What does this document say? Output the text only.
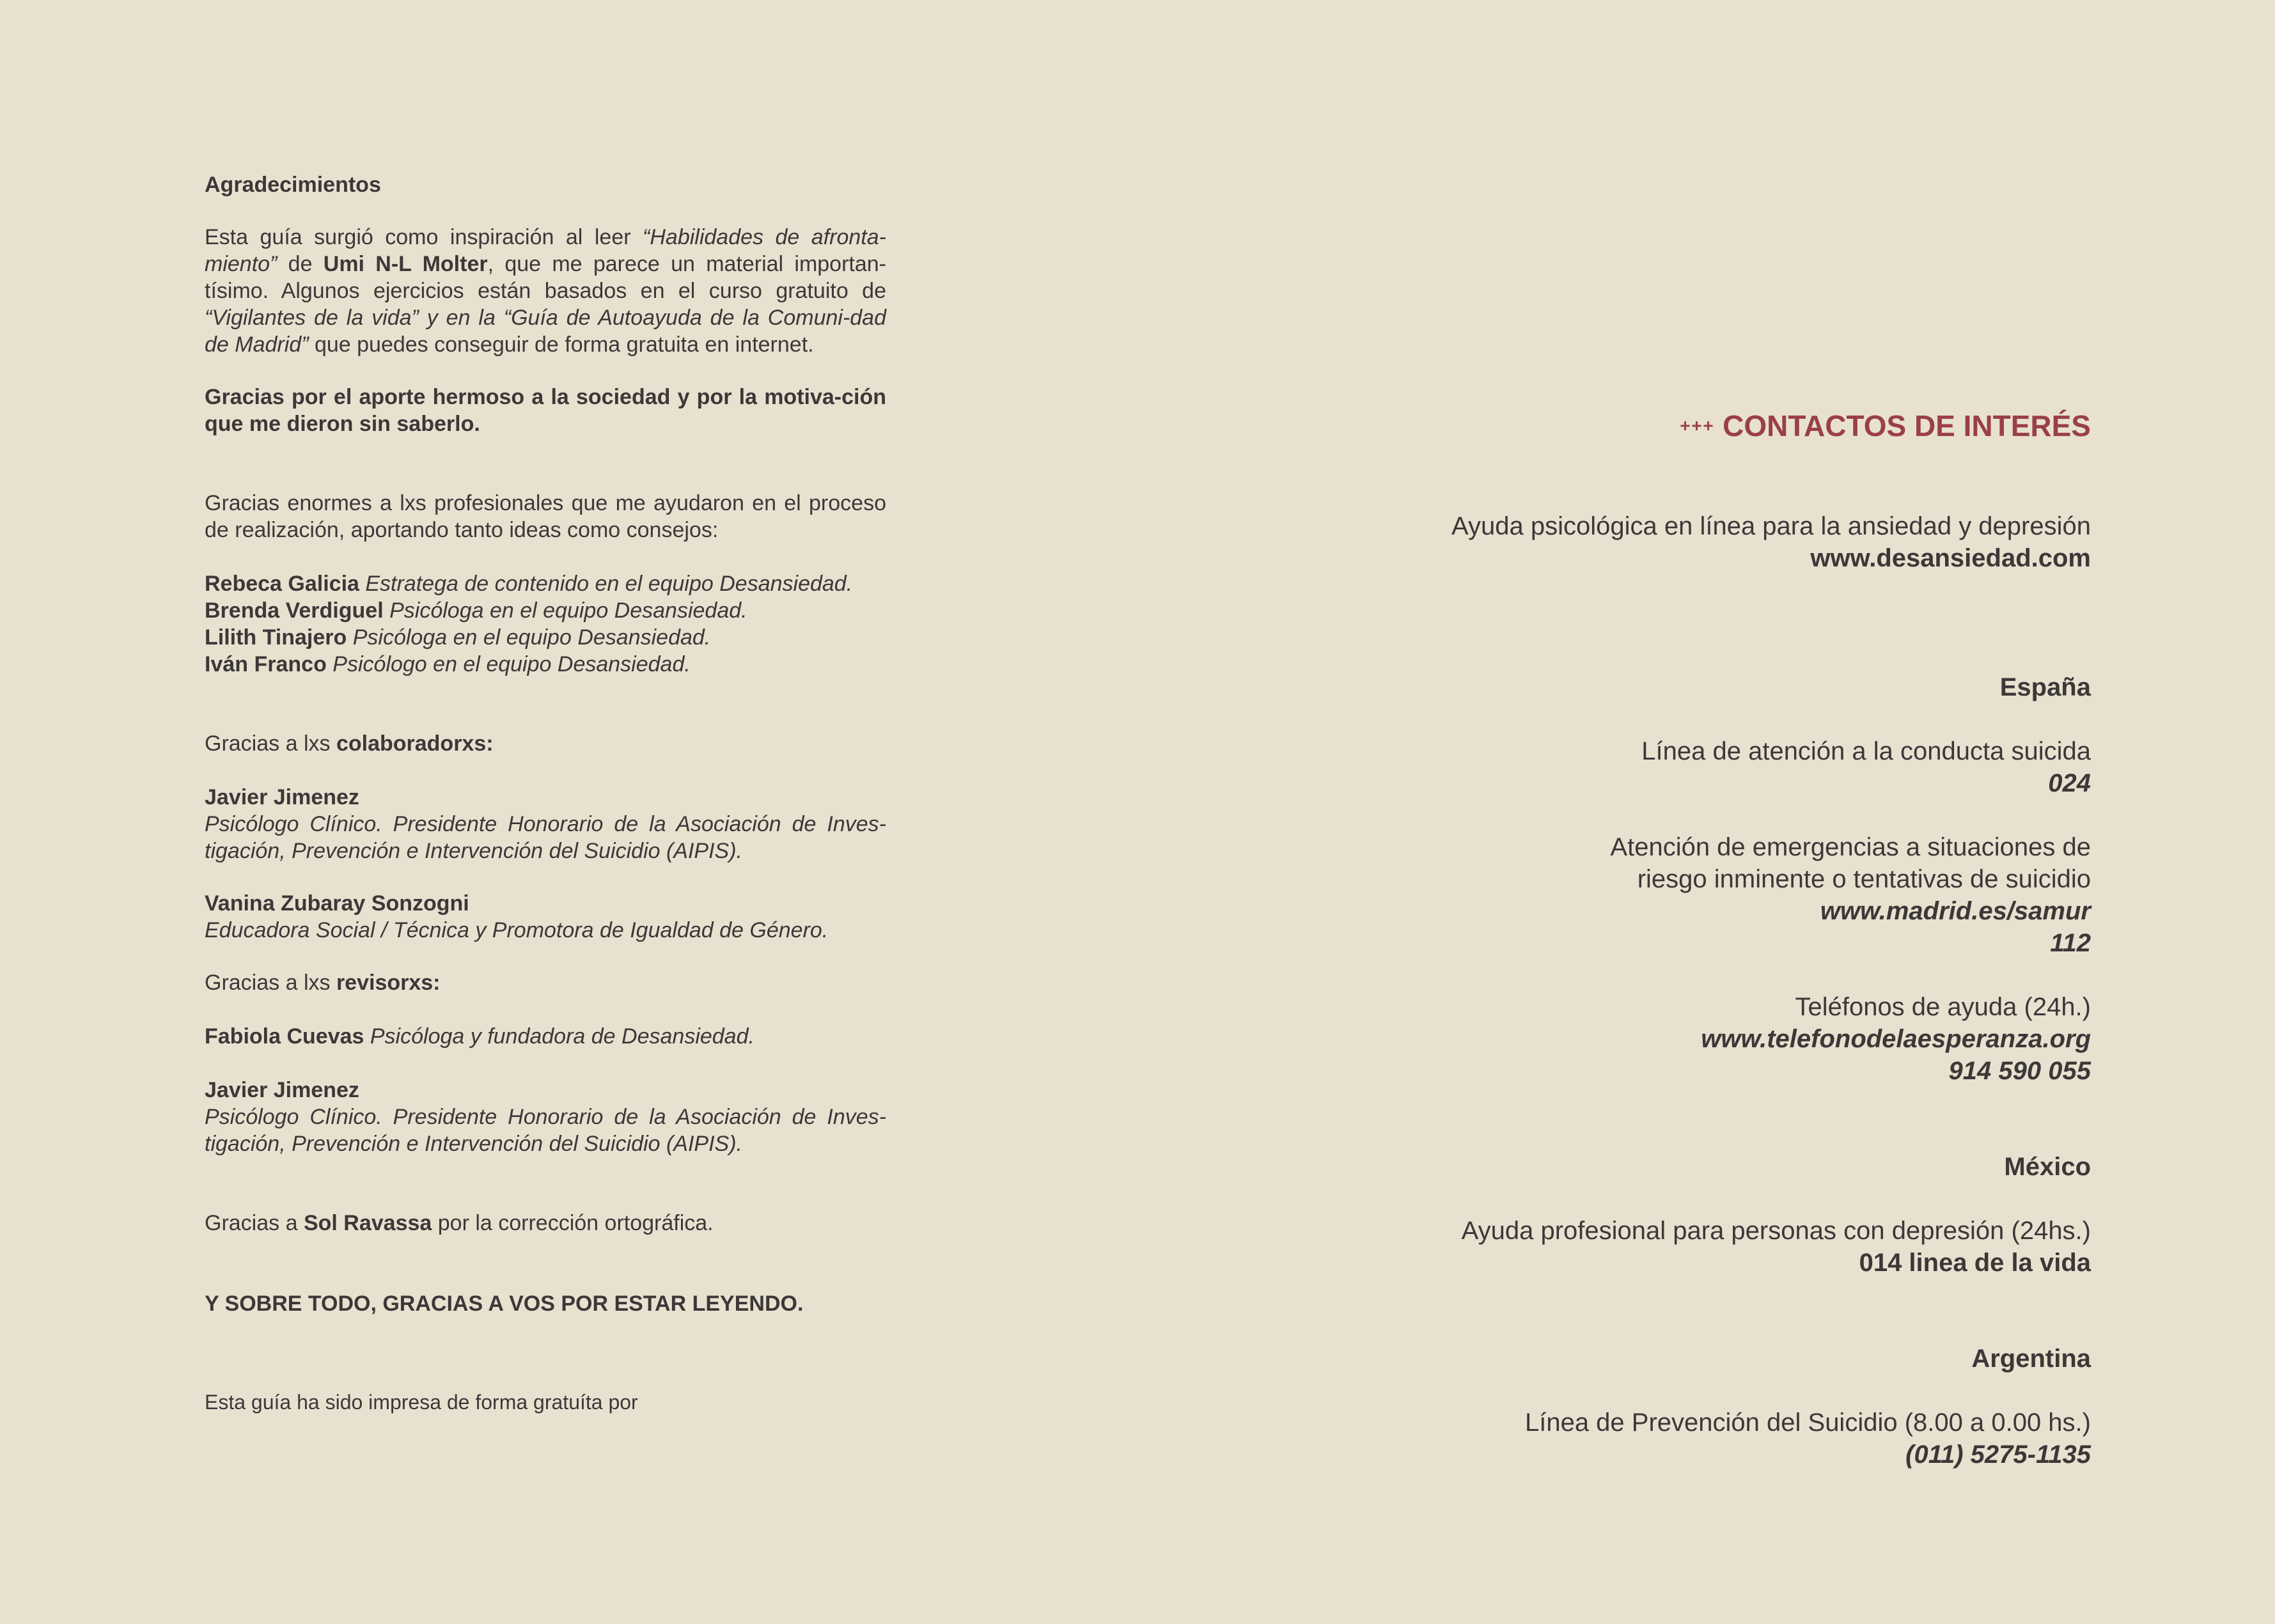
Agradecimientos

Esta guía surgió como inspiración al leer “Habilidades de afronta-miento” de Umi N-L Molter, que me parece un material importan-tísimo. Algunos ejercicios están basados en el curso gratuito de “Vigilantes de la vida” y en la “Guía de Autoayuda de la Comuni-dad de Madrid” que puedes conseguir de forma gratuita en internet.

Gracias por el aporte hermoso a la sociedad y por la motiva-ción que me dieron sin saberlo.

Gracias enormes a lxs profesionales que me ayudaron en el proceso de realización, aportando tanto ideas como consejos:

Rebeca Galicia Estratega de contenido en el equipo Desansiedad.

Brenda Verdiguel Psicóloga en el equipo Desansiedad.

Lilith Tinajero Psicóloga en el equipo Desansiedad.

Iván Franco Psicólogo en el equipo Desansiedad.

Gracias a lxs colaboradorxs:

Javier Jimenez

Psicólogo Clínico. Presidente Honorario de la Asociación de Inves-tigación, Prevención e Intervención del Suicidio (AIPIS).

Vanina Zubaray Sonzogni

Educadora Social / Técnica y Promotora de Igualdad de Género.

Gracias a lxs revisorxs:

Fabiola Cuevas Psicóloga y fundadora de Desansiedad.

Javier Jimenez

Psicólogo Clínico. Presidente Honorario de la Asociación de Inves-tigación, Prevención e Intervención del Suicidio (AIPIS).

Gracias a Sol Ravassa por la corrección ortográfica.

Y SOBRE TODO, GRACIAS A VOS POR ESTAR LEYENDO.

Esta guía ha sido impresa de forma gratuíta por

CONTACTOS DE INTERÉS
Ayuda psicológica en línea para la ansiedad y depresión
www.desansiedad.com
España
Línea de atención a la conducta suicida
024
Atención de emergencias a situaciones de
riesgo inminente o tentativas de suicidio
www.madrid.es/samur
112
Teléfonos de ayuda (24h.)
www.telefonodelaesperanza.org
914 590 055
México
Ayuda profesional para personas con depresión (24hs.)
014 linea de la vida
Argentina
Línea de Prevención del Suicidio (8.00 a 0.00 hs.)
(011) 5275-1135
